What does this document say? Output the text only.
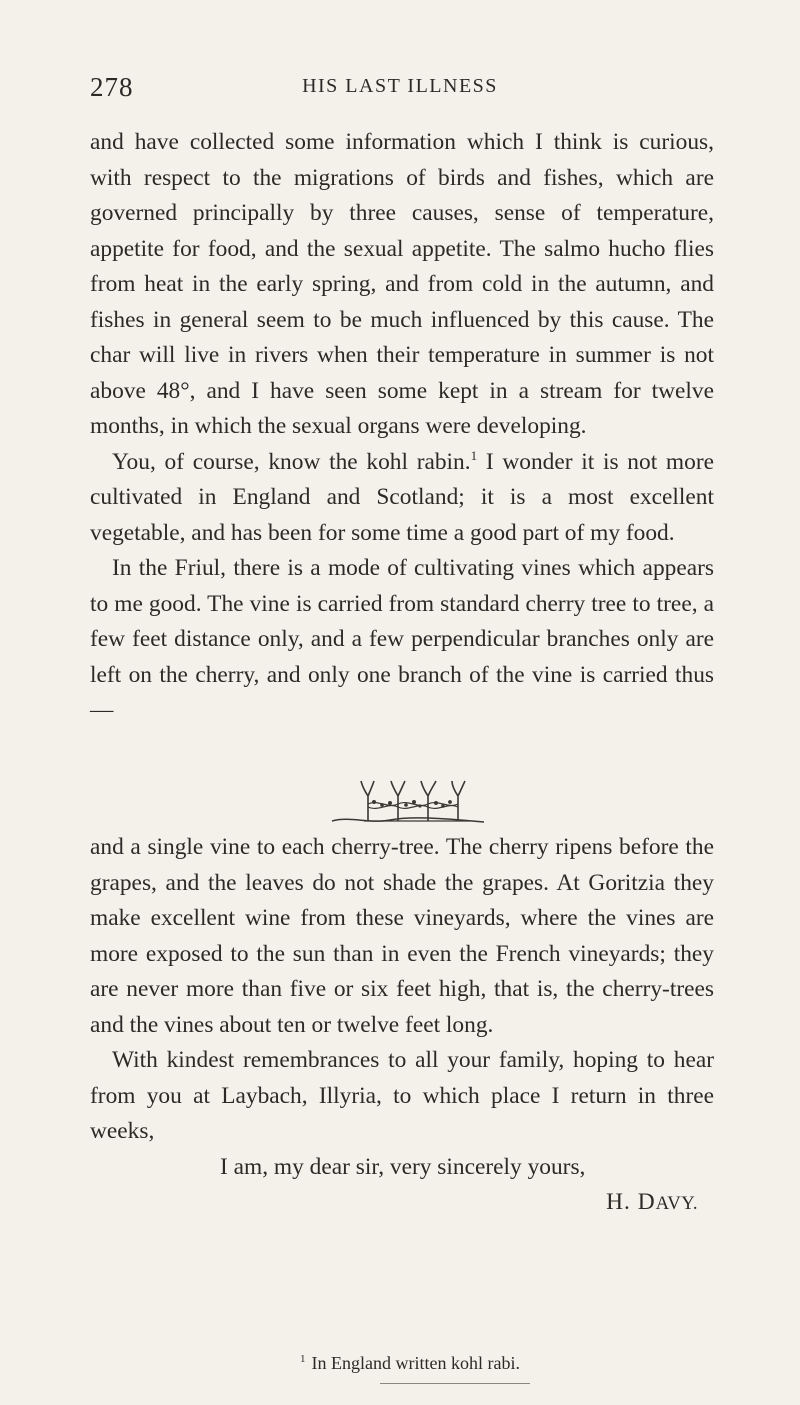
278	HIS LAST ILLNESS

and have collected some information which I think is curious, with respect to the migrations of birds and fishes, which are governed principally by three causes, sense of temperature, appetite for food, and the sexual appetite. The salmo hucho flies from heat in the early spring, and from cold in the autumn, and fishes in general seem to be much influenced by this cause. The char will live in rivers when their temperature in summer is not above 48°, and I have seen some kept in a stream for twelve months, in which the sexual organs were developing.

You, of course, know the kohl rabin.$^1$ I wonder it is not more cultivated in England and Scotland; it is a most excellent vegetable, and has been for some time a good part of my food.

In the Friul, there is a mode of cultivating vines which appears to me good. The vine is carried from standard cherry tree to tree, a few feet distance only, and a few perpendicular branches only are left on the cherry, and only one branch of the vine is carried thus—

and a single vine to each cherry-tree. The cherry ripens before the grapes, and the leaves do not shade the grapes. At Goritzia they make excellent wine from these vineyards, where the vines are more exposed to the sun than in even the French vineyards; they are never more than five or six feet high, that is, the cherry-trees and the vines about ten or twelve feet long.

With kindest remembrances to all your family, hoping to hear from you at Laybach, Illyria, to which place I return in three weeks,

I am, my dear sir, very sincerely yours,

H. DAVY.

$^1$ In England written kohl rabi.
